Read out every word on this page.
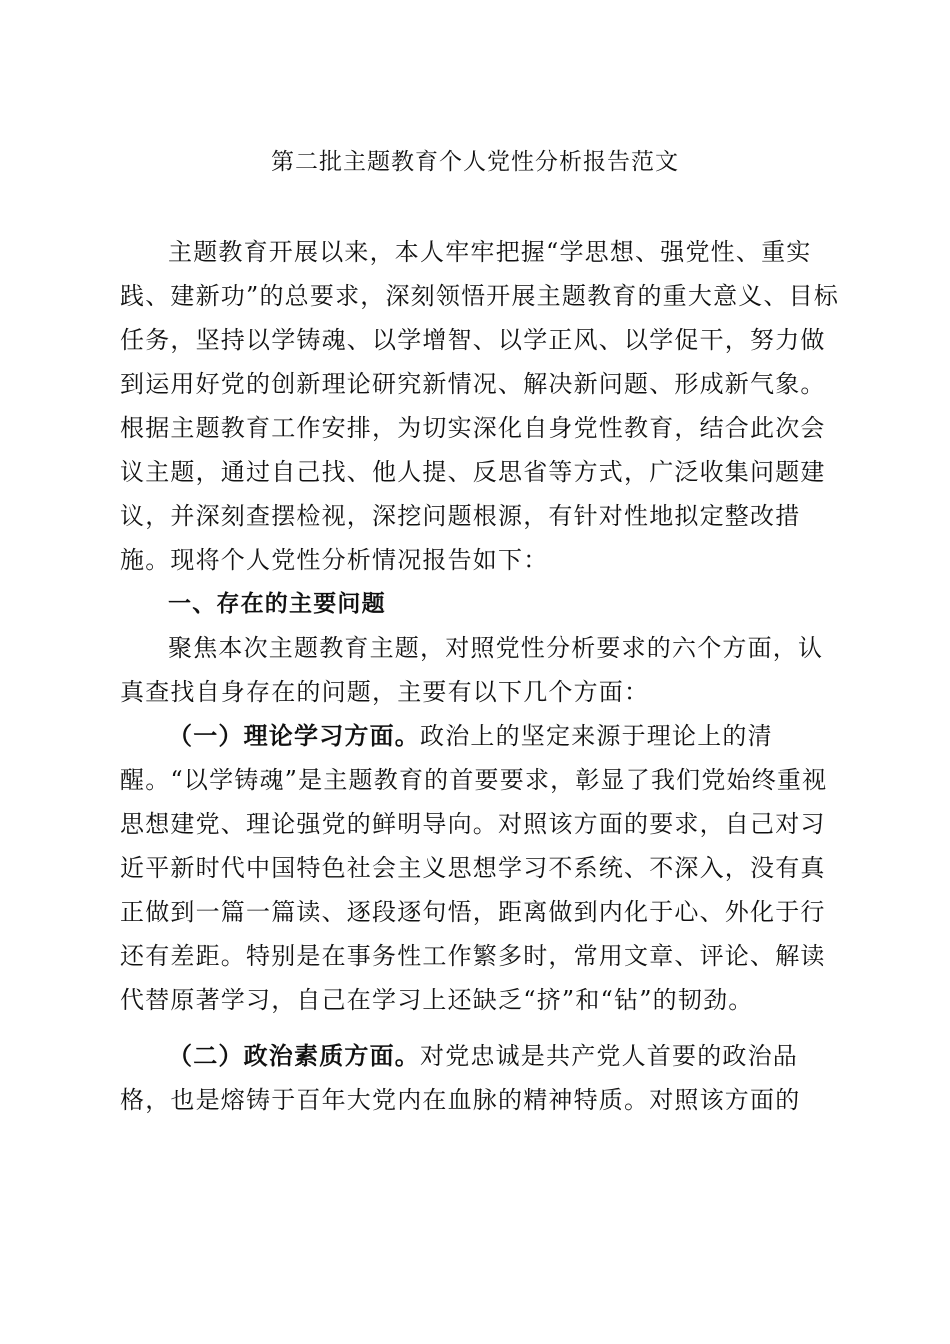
第二批主题教育个人党性分析报告范文

主题教育开展以来，本人牢牢把握“学思想、强党性、重实践、建新功”的总要求，深刻领悟开展主题教育的重大意义、目标任务，坚持以学铸魂、以学增智、以学正风、以学促干，努力做到运用好党的创新理论研究新情况、解决新问题、形成新气象。根据主题教育工作安排，为切实深化自身党性教育，结合此次会议主题，通过自己找、他人提、反思省等方式，广泛收集问题建议，并深刻查摆检视，深挖问题根源，有针对性地拟定整改措施。现将个人党性分析情况报告如下：

一、存在的主要问题

聚焦本次主题教育主题，对照党性分析要求的六个方面，认真查找自身存在的问题，主要有以下几个方面：

（一）理论学习方面。政治上的坚定来源于理论上的清醒。“以学铸魂”是主题教育的首要要求，彰显了我们党始终重视思想建党、理论强党的鲜明导向。对照该方面的要求，自己对习近平新时代中国特色社会主义思想学习不系统、不深入，没有真正做到一篇一篇读、逐段逐句悟，距离做到内化于心、外化于行还有差距。特别是在事务性工作繁多时，常用文章、评论、解读代替原著学习，自己在学习上还缺乏“挤”和“钻”的韧劲。

（二）政治素质方面。对党忠诚是共产党人首要的政治品格，也是熔铸于百年大党内在血脉的精神特质。对照该方面的
